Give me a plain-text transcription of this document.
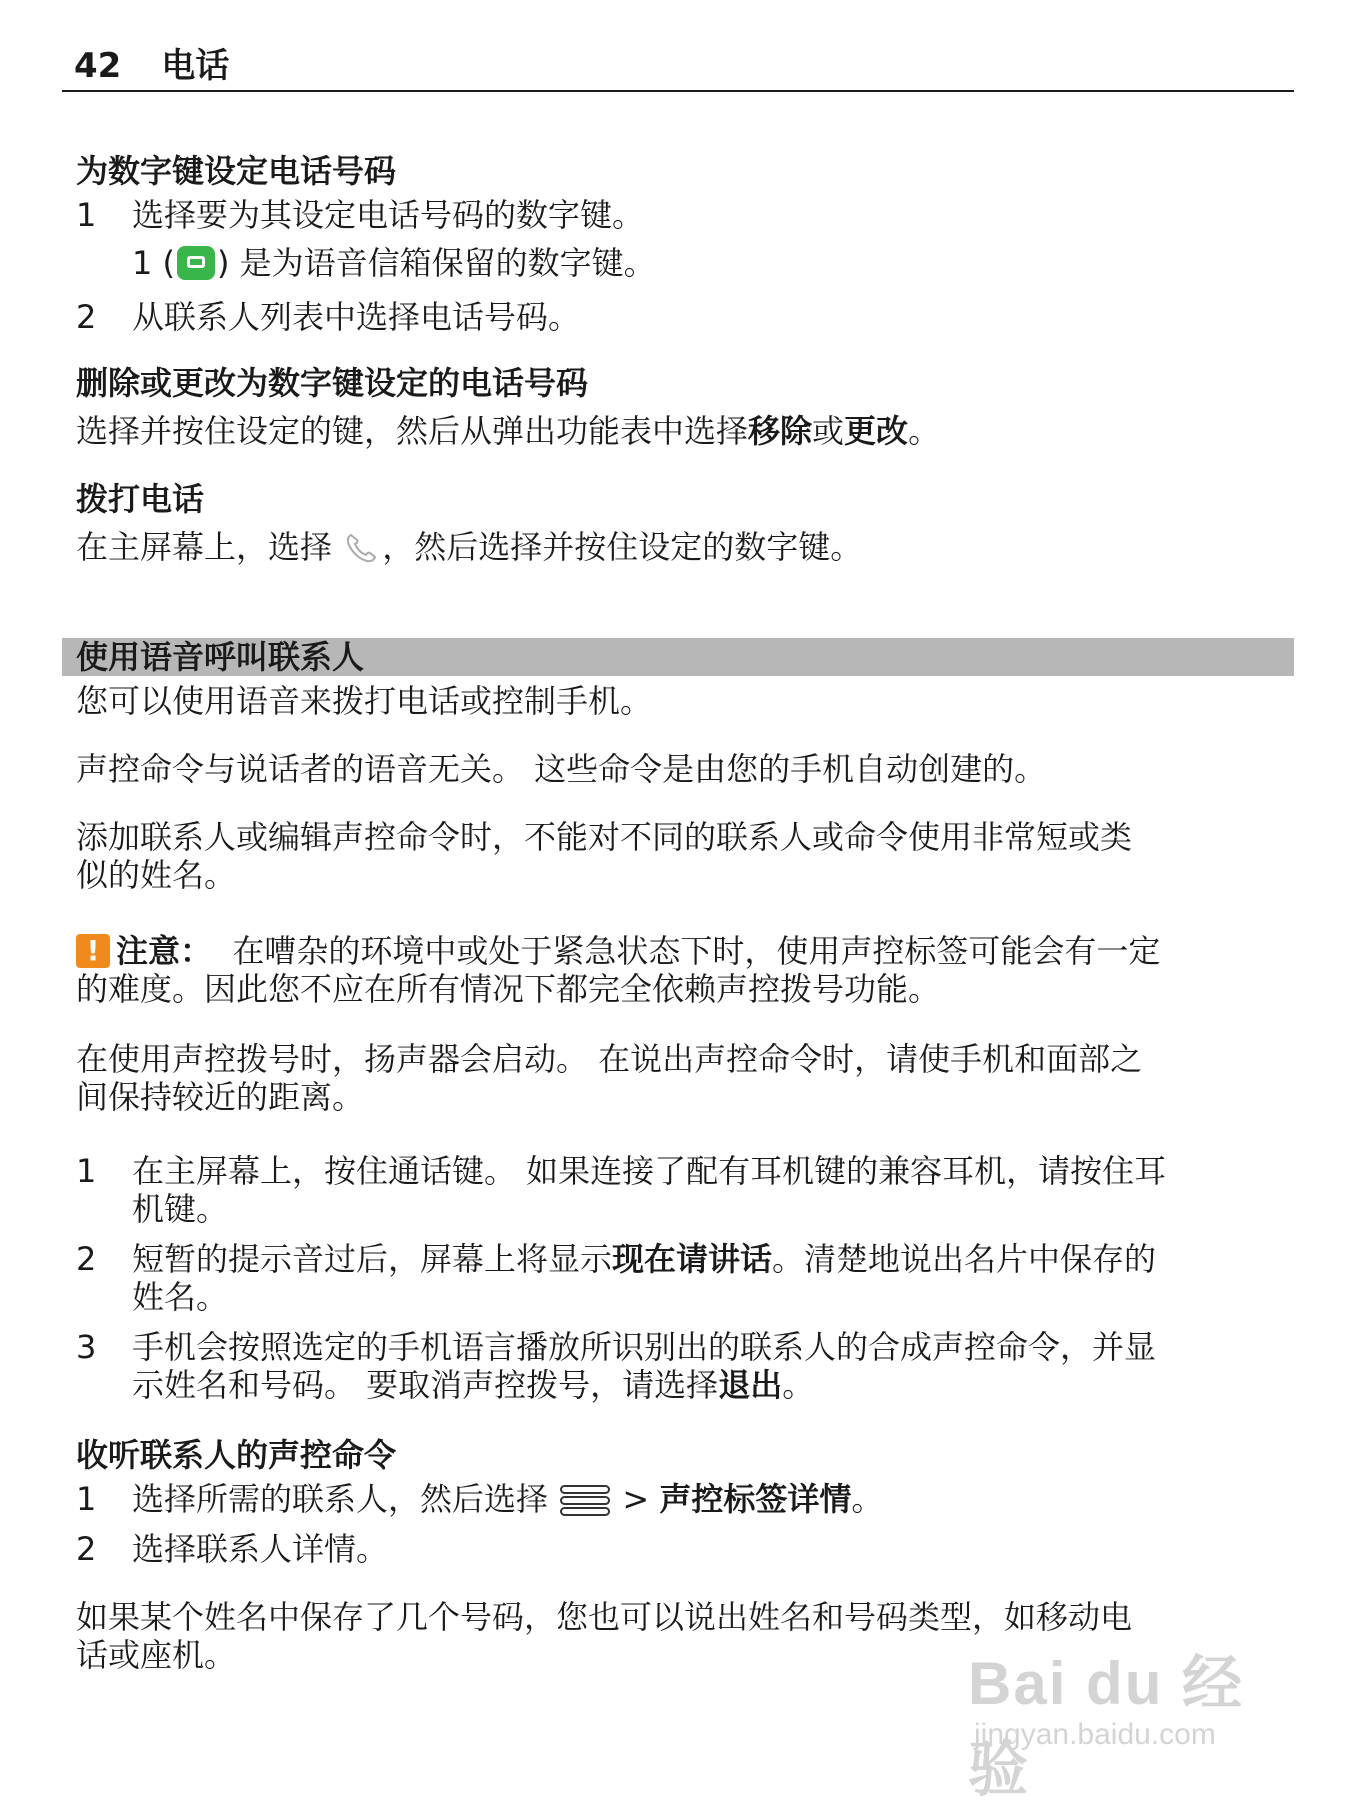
42 电话
为数字键设定电话号码
1 选择要为其设定电话号码的数字键。
1 ( ) 是为语音信箱保留的数字键。
2 从联系人列表中选择电话号码。
删除或更改为数字键设定的电话号码
选择并按住设定的键，然后从弹出功能表中选择移除或更改。
拨打电话
在主屏幕上，选择 ，然后选择并按住设定的数字键。
使用语音呼叫联系人
您可以使用语音来拨打电话或控制手机。
声控命令与说话者的语音无关。 这些命令是由您的手机自动创建的。
添加联系人或编辑声控命令时，不能对不同的联系人或命令使用非常短或类
似的姓名。
! 注意： 在嘈杂的环境中或处于紧急状态下时，使用声控标签可能会有一定
的难度。因此您不应在所有情况下都完全依赖声控拨号功能。
在使用声控拨号时，扬声器会启动。 在说出声控命令时，请使手机和面部之
间保持较近的距离。
1 在主屏幕上，按住通话键。 如果连接了配有耳机键的兼容耳机，请按住耳
机键。
2 短暂的提示音过后，屏幕上将显示现在请讲话。清楚地说出名片中保存的
姓名。
3 手机会按照选定的手机语言播放所识别出的联系人的合成声控命令，并显
示姓名和号码。 要取消声控拨号，请选择退出。
收听联系人的声控命令
1 选择所需的联系人，然后选择  > 声控标签详情。
2 选择联系人详情。
如果某个姓名中保存了几个号码，您也可以说出姓名和号码类型，如移动电
话或座机。	Bai du 经验
jingyan.baidu.com
